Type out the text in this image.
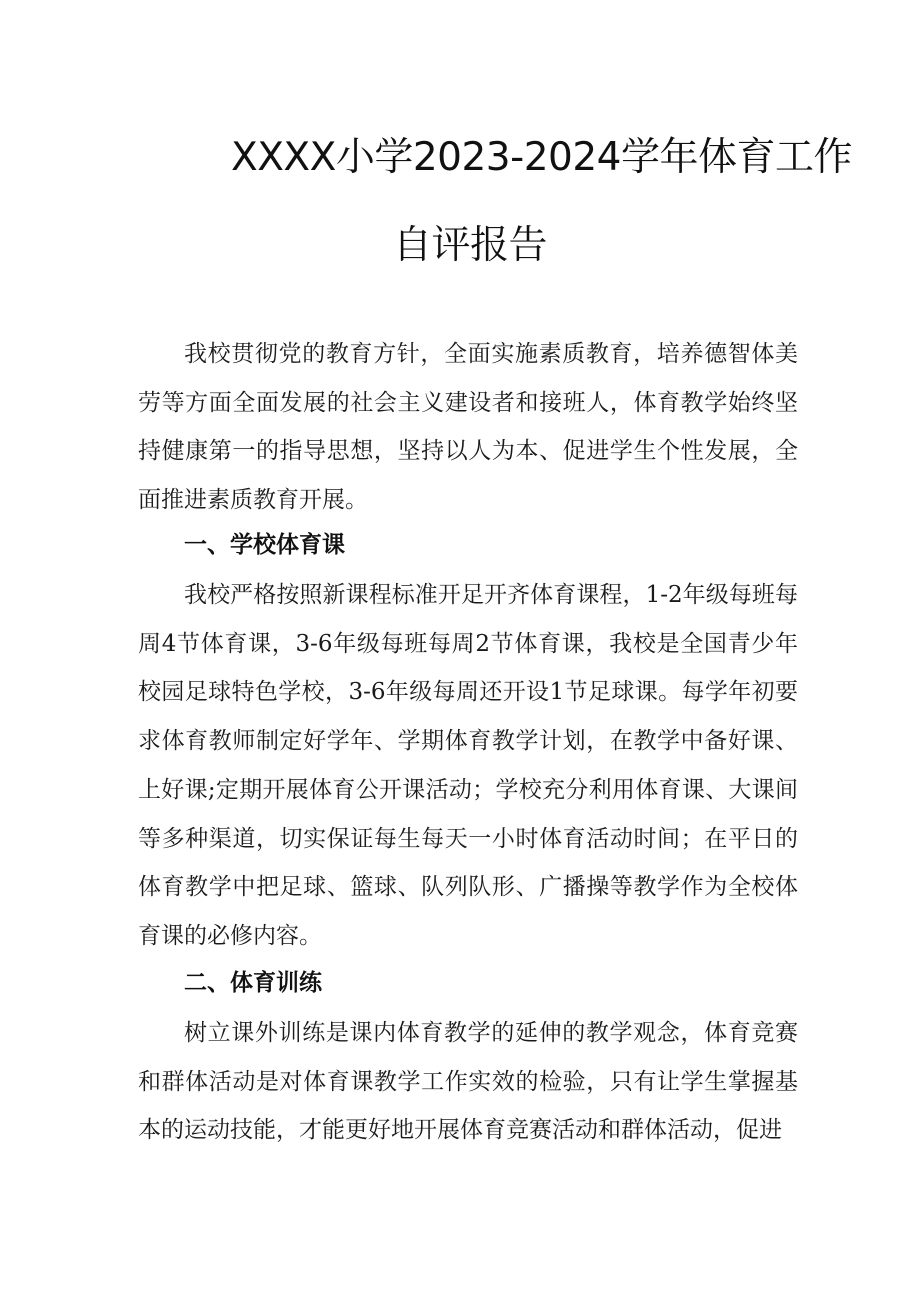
XXXX小学2023-2024学年体育工作
自评报告

我校贯彻党的教育方针，全面实施素质教育，培养德智体美劳等方面全面发展的社会主义建设者和接班人，体育教学始终坚持健康第一的指导思想，坚持以人为本、促进学生个性发展，全面推进素质教育开展。

一、学校体育课

我校严格按照新课程标准开足开齐体育课程，1-2年级每班每周4节体育课，3-6年级每班每周2节体育课，我校是全国青少年校园足球特色学校，3-6年级每周还开设1节足球课。每学年初要求体育教师制定好学年、学期体育教学计划，在教学中备好课、上好课;定期开展体育公开课活动；学校充分利用体育课、大课间等多种渠道，切实保证每生每天一小时体育活动时间；在平日的体育教学中把足球、篮球、队列队形、广播操等教学作为全校体育课的必修内容。

二、体育训练

树立课外训练是课内体育教学的延伸的教学观念，体育竞赛和群体活动是对体育课教学工作实效的检验，只有让学生掌握基本的运动技能，才能更好地开展体育竞赛活动和群体活动，促进
